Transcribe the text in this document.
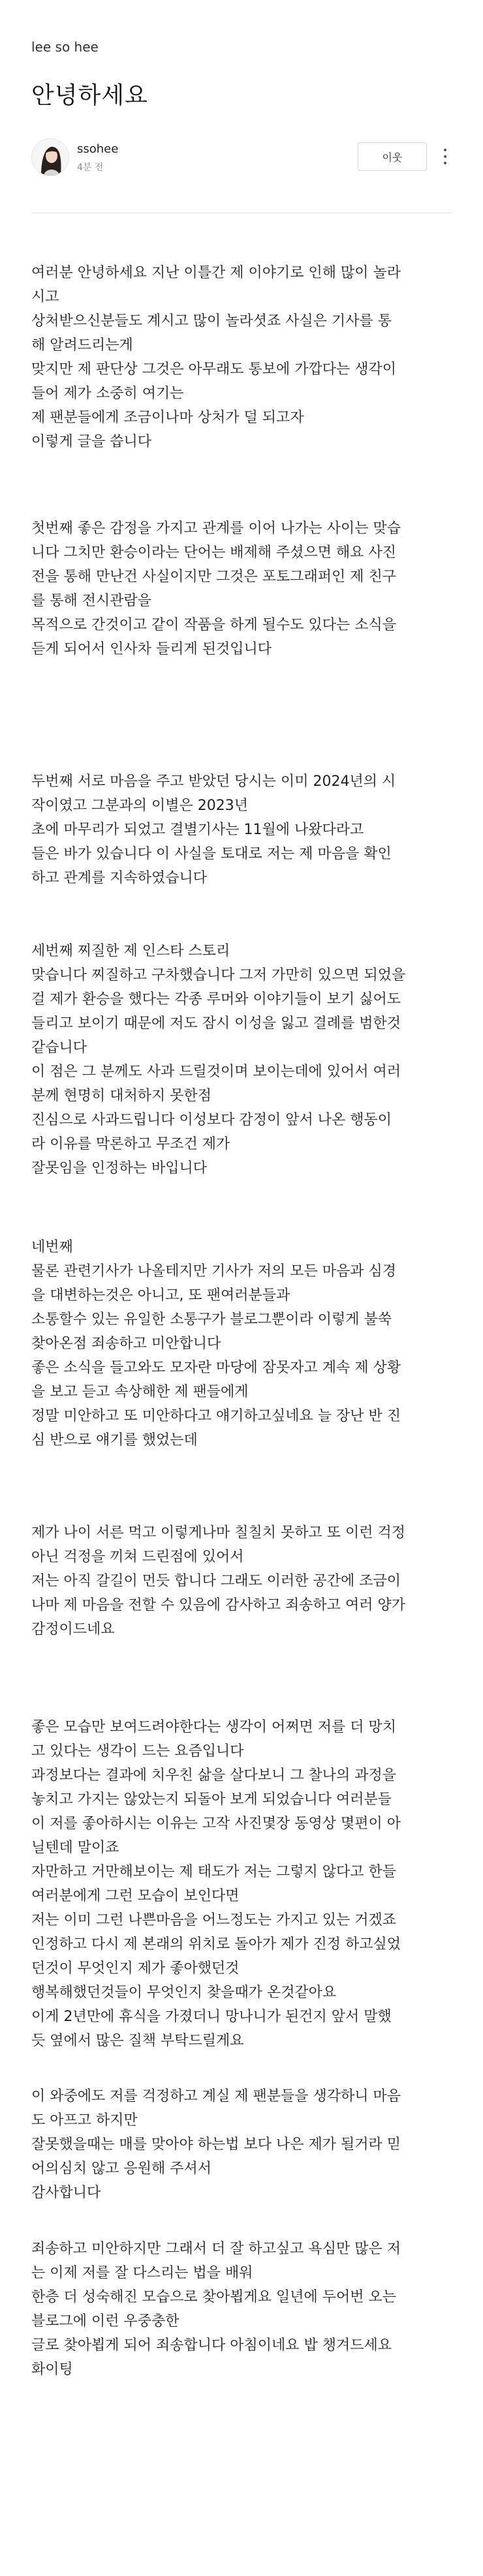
lee so hee
안녕하세요
ssohee
4분 전
이웃
여러분 안녕하세요 지난 이틀간 제 이야기로 인해 많이 놀라
시고
상처받으신분들도 계시고 많이 놀라셧죠 사실은 기사를 통
해 알려드리는게
맞지만 제 판단상 그것은 아무래도 통보에 가깝다는 생각이
들어 제가 소중히 여기는
제 팬분들에게 조금이나마 상처가 덜 되고자
이렇게 글을 씁니다
첫번째 좋은 감정을 가지고 관계를 이어 나가는 사이는 맞습
니다 그치만 환승이라는 단어는 배제해 주셨으면 해요 사진
전을 통해 만난건 사실이지만 그것은 포토그래퍼인 제 친구
를 통해 전시관람을
목적으로 간것이고 같이 작품을 하게 될수도 있다는 소식을
듣게 되어서 인사차 들리게 된것입니다
두번째 서로 마음을 주고 받았던 당시는 이미 2024년의 시
작이였고 그분과의 이별은 2023년
초에 마무리가 되었고 결별기사는 11월에 나왔다라고
들은 바가 있습니다 이 사실을 토대로 저는 제 마음을 확인
하고 관계를 지속하였습니다
세번째 찌질한 제 인스타 스토리
맞습니다 찌질하고 구차했습니다 그저 가만히 있으면 되었을
걸 제가 환승을 했다는 각종 루머와 이야기들이 보기 싫어도
들리고 보이기 때문에 저도 잠시 이성을 잃고 결례를 범한것
같습니다
이 점은 그 분께도 사과 드릴것이며 보이는데에 있어서 여러
분께 현명히 대처하지 못한점
진심으로 사과드립니다 이성보다 감정이 앞서 나온 행동이
라 이유를 막론하고 무조건 제가
잘못임을 인정하는 바입니다
네번째
물론 관련기사가 나올테지만 기사가 저의 모든 마음과 심경
을 대변하는것은 아니고, 또 팬여러분들과
소통할수 있는 유일한 소통구가 블로그뿐이라 이렇게 불쑥
찾아온점 죄송하고 미안합니다
좋은 소식을 들고와도 모자란 마당에 잠못자고 계속 제 상황
을 보고 듣고 속상해한 제 팬들에게
정말 미안하고 또 미안하다고 얘기하고싶네요 늘 장난 반 진
심 반으로 얘기를 했었는데
제가 나이 서른 먹고 이렇게나마 칠칠치 못하고 또 이런 걱정
아닌 걱정을 끼쳐 드린점에 있어서
저는 아직 갈길이 먼듯 합니다 그래도 이러한 공간에 조금이
나마 제 마음을 전할 수 있음에 감사하고 죄송하고 여러 양가
감정이드네요
좋은 모습만 보여드려야한다는 생각이 어쩌면 저를 더 망치
고 있다는 생각이 드는 요즘입니다
과정보다는 결과에 치우친 삶을 살다보니 그 찰나의 과정을
놓치고 가지는 않았는지 되돌아 보게 되었습니다 여러분들
이 저를 좋아하시는 이유는 고작 사진몇장 동영상 몇편이 아
닐텐데 말이죠
자만하고 거만해보이는 제 태도가 저는 그렇지 않다고 한들
여러분에게 그런 모습이 보인다면
저는 이미 그런 나쁜마음을 어느정도는 가지고 있는 거겠죠
인정하고 다시 제 본래의 위치로 돌아가 제가 진정 하고싶었
던것이 무엇인지 제가 좋아했던것
행복해했던것들이 무엇인지 찾을때가 온것같아요
이게 2년만에 휴식을 가졌더니 망나니가 된건지 앞서 말했
듯 옆에서 많은 질책 부탁드릴게요
이 와중에도 저를 걱정하고 계실 제 팬분들을 생각하니 마음
도 아프고 하지만
잘못했을때는 매를 맞아야 하는법 보다 나은 제가 될거라 믿
어의심치 않고 응원해 주셔서
감사합니다
죄송하고 미안하지만 그래서 더 잘 하고싶고 욕심만 많은 저
는 이제 저를 잘 다스리는 법을 배워
한층 더 성숙해진 모습으로 찾아뵙게요 일년에 두어번 오는
블로그에 이런 우중충한
글로 찾아뵙게 되어 죄송합니다 아침이네요 밥 챙겨드세요
화이팅
